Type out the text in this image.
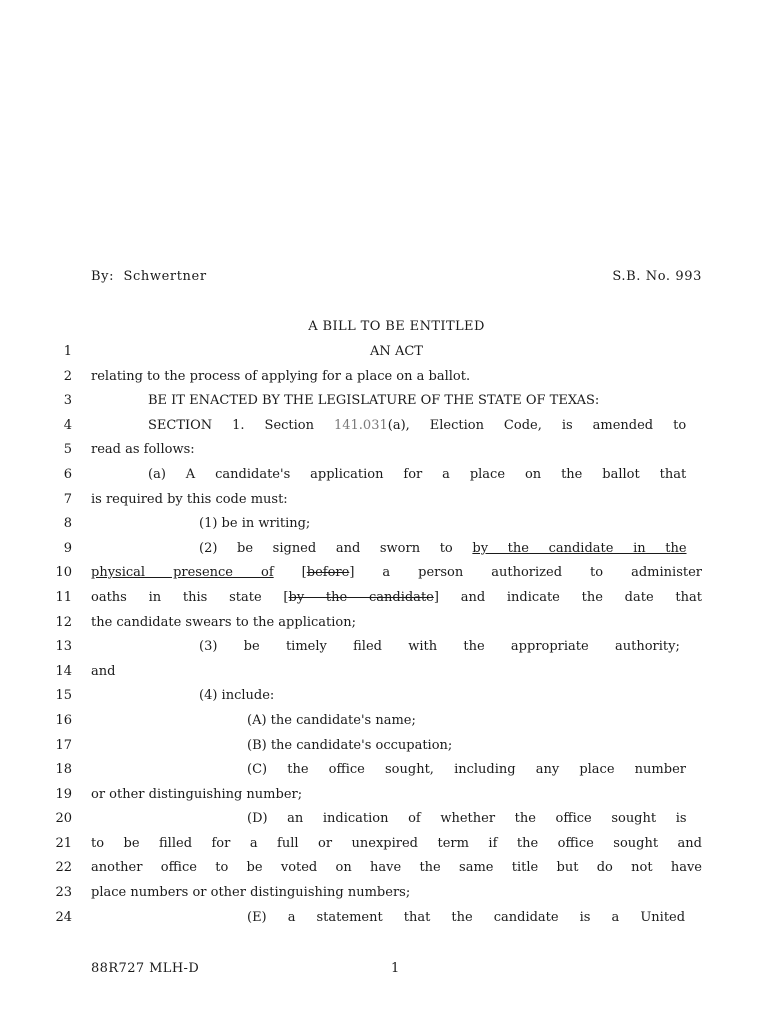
By:  Schwertner	S.B. No. 993
A BILL TO BE ENTITLED
1	AN ACT
2 relating to the process of applying for a place on a ballot.
3	BE IT ENACTED BY THE LEGISLATURE OF THE STATE OF TEXAS:
4	SECTION 1. Section 141.031(a), Election Code, is amended to
5 read as follows:
6	(a) A candidate's application for a place on the ballot that
7 is required by this code must:
8	(1) be in writing;
9	(2) be signed and sworn to by the candidate in the
10 physical presence of [before] a person authorized to administer
11 oaths in this state [by the candidate] and indicate the date that
12 the candidate swears to the application;
13	(3) be timely filed with the appropriate authority;
14 and
15	(4) include:
16	(A) the candidate's name;
17	(B) the candidate's occupation;
18	(C) the office sought, including any place number
19 or other distinguishing number;
20	(D) an indication of whether the office sought is
21 to be filled for a full or unexpired term if the office sought and
22 another office to be voted on have the same title but do not have
23 place numbers or other distinguishing numbers;
24	(E) a statement that the candidate is a United
88R727 MLH-D	1
